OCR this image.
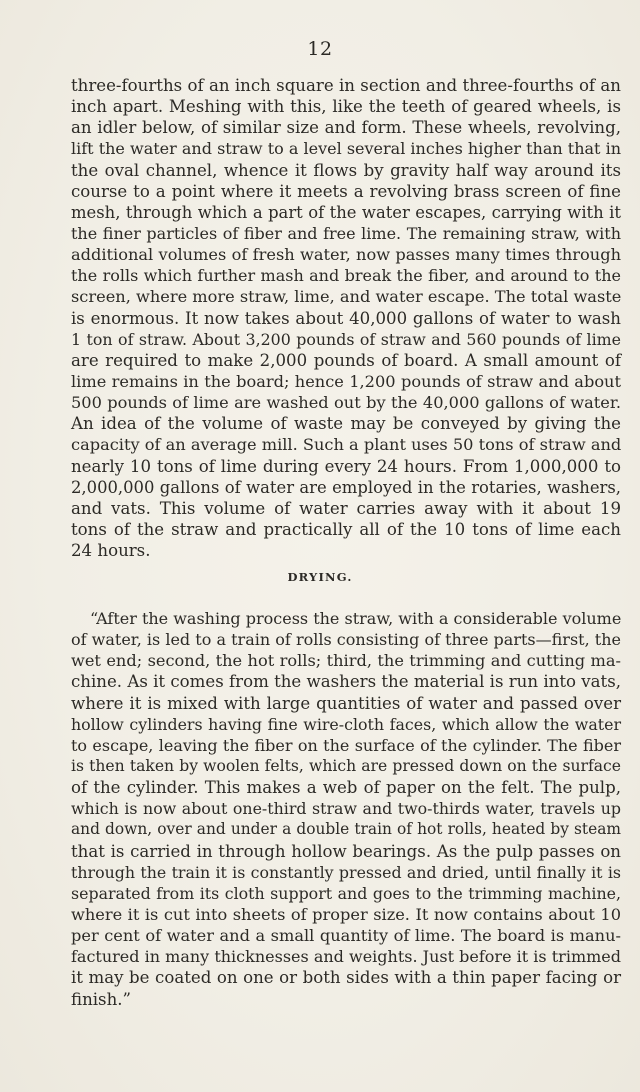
12
three-fourths of an inch square in section and three-fourths of an
inch apart. Meshing with this, like the teeth of geared wheels, is
an idler below, of similar size and form. These wheels, revolving,
lift the water and straw to a level several inches higher than that in
the oval channel, whence it flows by gravity half way around its
course to a point where it meets a revolving brass screen of fine
mesh, through which a part of the water escapes, carrying with it
the finer particles of fiber and free lime. The remaining straw, with
additional volumes of fresh water, now passes many times through
the rolls which further mash and break the fiber, and around to the
screen, where more straw, lime, and water escape. The total waste
is enormous. It now takes about 40,000 gallons of water to wash
1 ton of straw. About 3,200 pounds of straw and 560 pounds of lime
are required to make 2,000 pounds of board. A small amount of
lime remains in the board; hence 1,200 pounds of straw and about
500 pounds of lime are washed out by the 40,000 gallons of water.
An idea of the volume of waste may be conveyed by giving the
capacity of an average mill. Such a plant uses 50 tons of straw and
nearly 10 tons of lime during every 24 hours. From 1,000,000 to
2,000,000 gallons of water are employed in the rotaries, washers,
and vats. This volume of water carries away with it about 19
tons of the straw and practically all of the 10 tons of lime each
24 hours.
DRYING.
“After the washing process the straw, with a considerable volume
of water, is led to a train of rolls consisting of three parts—first, the
wet end; second, the hot rolls; third, the trimming and cutting ma-
chine. As it comes from the washers the material is run into vats,
where it is mixed with large quantities of water and passed over
hollow cylinders having fine wire-cloth faces, which allow the water
to escape, leaving the fiber on the surface of the cylinder. The fiber
is then taken by woolen felts, which are pressed down on the surface
of the cylinder. This makes a web of paper on the felt. The pulp,
which is now about one-third straw and two-thirds water, travels up
and down, over and under a double train of hot rolls, heated by steam
that is carried in through hollow bearings. As the pulp passes on
through the train it is constantly pressed and dried, until finally it is
separated from its cloth support and goes to the trimming machine,
where it is cut into sheets of proper size. It now contains about 10
per cent of water and a small quantity of lime. The board is manu-
factured in many thicknesses and weights. Just before it is trimmed
it may be coated on one or both sides with a thin paper facing or
finish.”
